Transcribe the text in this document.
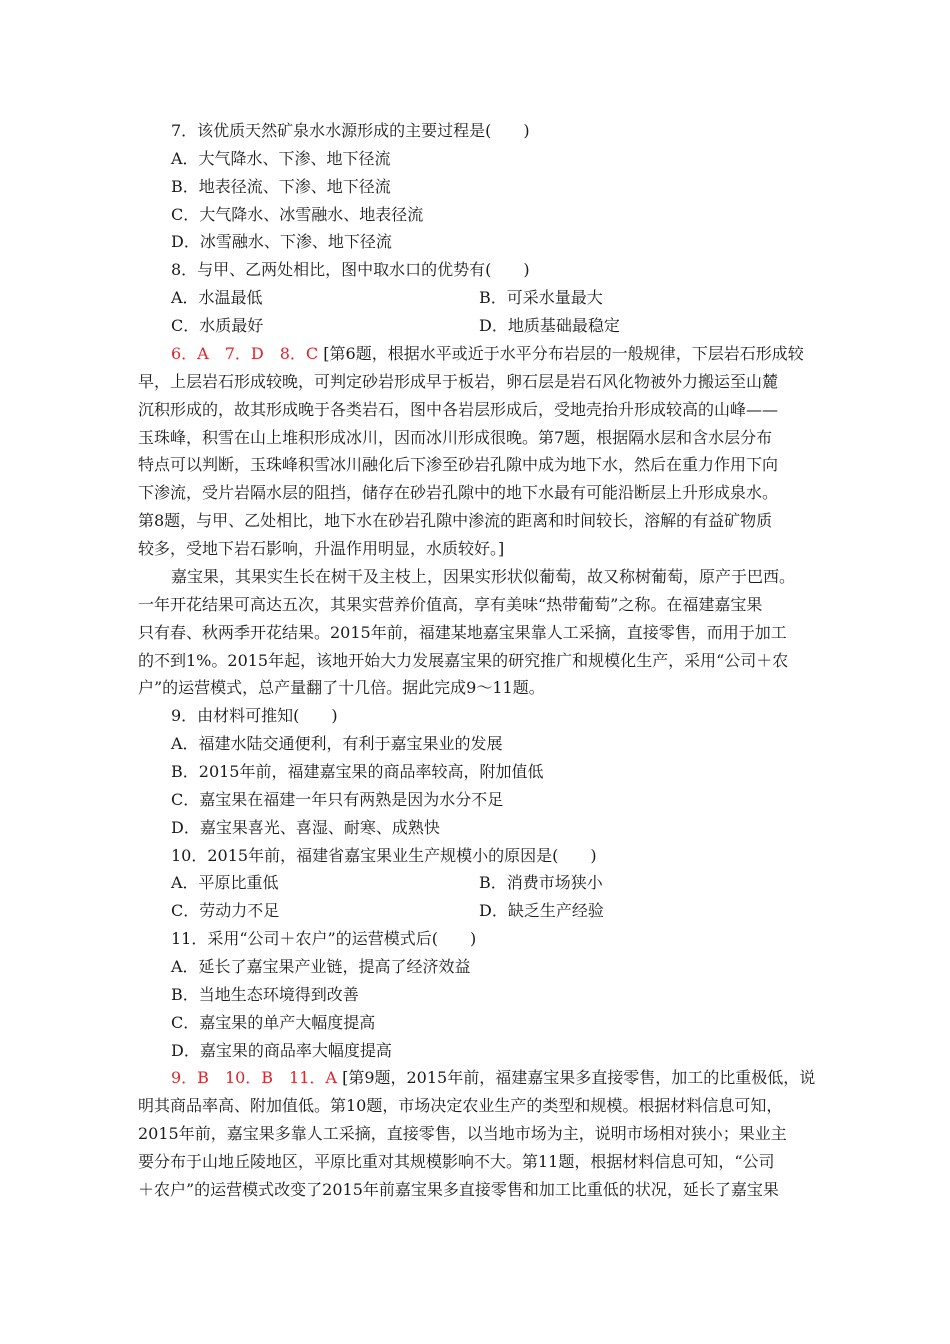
7．该优质天然矿泉水水源形成的主要过程是(　　)
A．大气降水、下渗、地下径流
B．地表径流、下渗、地下径流
C．大气降水、冰雪融水、地表径流
D．冰雪融水、下渗、地下径流
8．与甲、乙两处相比，图中取水口的优势有(　　)
A．水温最低	B．可采水量最大
C．水质最好	D．地质基础最稳定
6．A　7．D　8．C [第6题，根据水平或近于水平分布岩层的一般规律，下层岩石形成较
早，上层岩石形成较晚，可判定砂岩形成早于板岩，卵石层是岩石风化物被外力搬运至山麓
沉积形成的，故其形成晚于各类岩石，图中各岩层形成后，受地壳抬升形成较高的山峰——
玉珠峰，积雪在山上堆积形成冰川，因而冰川形成很晚。第7题，根据隔水层和含水层分布
特点可以判断，玉珠峰积雪冰川融化后下渗至砂岩孔隙中成为地下水，然后在重力作用下向
下渗流，受片岩隔水层的阻挡，储存在砂岩孔隙中的地下水最有可能沿断层上升形成泉水。
第8题，与甲、乙处相比，地下水在砂岩孔隙中渗流的距离和时间较长，溶解的有益矿物质
较多，受地下岩石影响，升温作用明显，水质较好。]
嘉宝果，其果实生长在树干及主枝上，因果实形状似葡萄，故又称树葡萄，原产于巴西。
一年开花结果可高达五次，其果实营养价值高，享有美味“热带葡萄”之称。在福建嘉宝果
只有春、秋两季开花结果。2015年前，福建某地嘉宝果靠人工采摘，直接零售，而用于加工
的不到1%。2015年起，该地开始大力发展嘉宝果的研究推广和规模化生产，采用“公司＋农
户”的运营模式，总产量翻了十几倍。据此完成9～11题。
9．由材料可推知(　　)
A．福建水陆交通便利，有利于嘉宝果业的发展
B．2015年前，福建嘉宝果的商品率较高，附加值低
C．嘉宝果在福建一年只有两熟是因为水分不足
D．嘉宝果喜光、喜湿、耐寒、成熟快
10．2015年前，福建省嘉宝果业生产规模小的原因是(　　)
A．平原比重低	B．消费市场狭小
C．劳动力不足	D．缺乏生产经验
11．采用“公司＋农户”的运营模式后(　　)
A．延长了嘉宝果产业链，提高了经济效益
B．当地生态环境得到改善
C．嘉宝果的单产大幅度提高
D．嘉宝果的商品率大幅度提高
9．B　10．B　11．A [第9题，2015年前，福建嘉宝果多直接零售，加工的比重极低，说
明其商品率高、附加值低。第10题，市场决定农业生产的类型和规模。根据材料信息可知，
2015年前，嘉宝果多靠人工采摘，直接零售，以当地市场为主，说明市场相对狭小；果业主
要分布于山地丘陵地区，平原比重对其规模影响不大。第11题，根据材料信息可知，“公司
＋农户”的运营模式改变了2015年前嘉宝果多直接零售和加工比重低的状况，延长了嘉宝果
